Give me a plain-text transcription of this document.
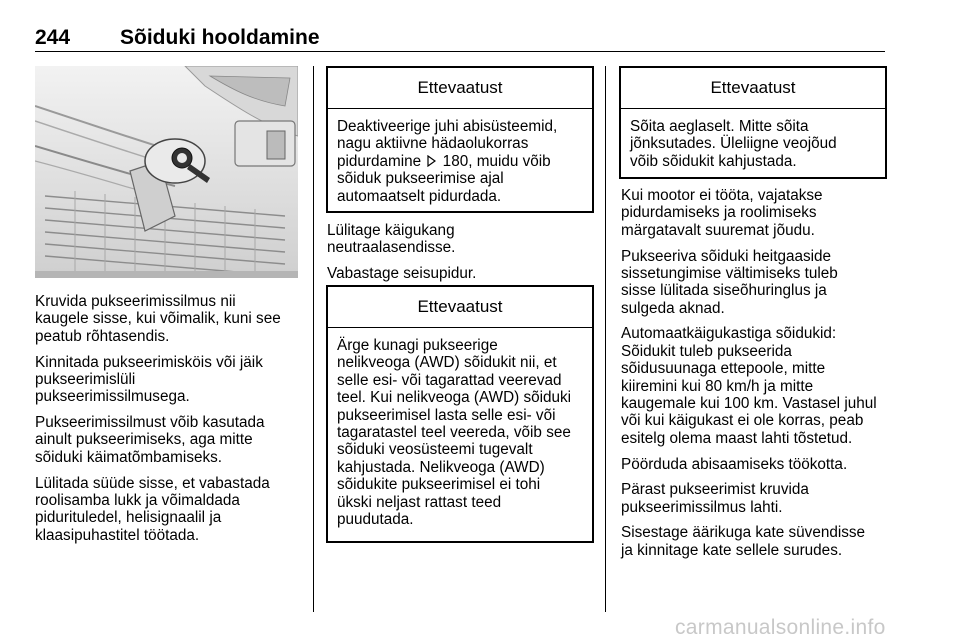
244 Sõiduki hooldamine

Kruvida pukseerimissilmus nii
kaugele sisse, kui võimalik, kuni see
peatub rõhtasendis.

Kinnitada pukseerimisköis või jäik
pukseerimislüli
pukseerimissilmusega.

Pukseerimissilmust võib kasutada
ainult pukseerimiseks, aga mitte
sõiduki käimatõmbamiseks.

Lülitada süüde sisse, et vabastada
roolisamba lukk ja võimaldada
pidurituledel, helisignaalil ja
klaasipuhastitel töötada.

Ettevaatust
Deaktiveerige juhi abisüsteemid,
nagu aktiivne hädaolukorras
pidurdamine  180, muidu võib
sõiduk pukseerimise ajal
automaatselt pidurdada.

Lülitage käigukang
neutraalasendisse.

Vabastage seisupidur.

Ettevaatust
Ärge kunagi pukseerige
nelikveoga (AWD) sõidukit nii, et
selle esi- või tagarattad veerevad
teel. Kui nelikveoga (AWD) sõiduki
pukseerimisel lasta selle esi- või
tagaratastel teel veereda, võib see
sõiduki veosüsteemi tugevalt
kahjustada. Nelikveoga (AWD)
sõidukite pukseerimisel ei tohi
ükski neljast rattast teed
puudutada.
Ettevaatust
Sõita aeglaselt. Mitte sõita
jõnksutades. Üleliigne veojõud
võib sõidukit kahjustada.

Kui mootor ei tööta, vajatakse
pidurdamiseks ja roolimiseks
märgatavalt suuremat jõudu.

Pukseeriva sõiduki heitgaaside
sissetungimise vältimiseks tuleb
sisse lülitada siseõhuringlus ja
sulgeda aknad.

Automaatkäigukastiga sõidukid:
Sõidukit tuleb pukseerida
sõidusuunaga ettepoole, mitte
kiiremini kui 80 km/h ja mitte
kaugemale kui 100 km. Vastasel juhul
või kui käigukast ei ole korras, peab
esitelg olema maast lahti tõstetud.

Pöörduda abisaamiseks töökotta.

Pärast pukseerimist kruvida
pukseerimissilmus lahti.

Sisestage äärikuga kate süvendisse
ja kinnitage kate sellele surudes.

carmanualsonline.info
